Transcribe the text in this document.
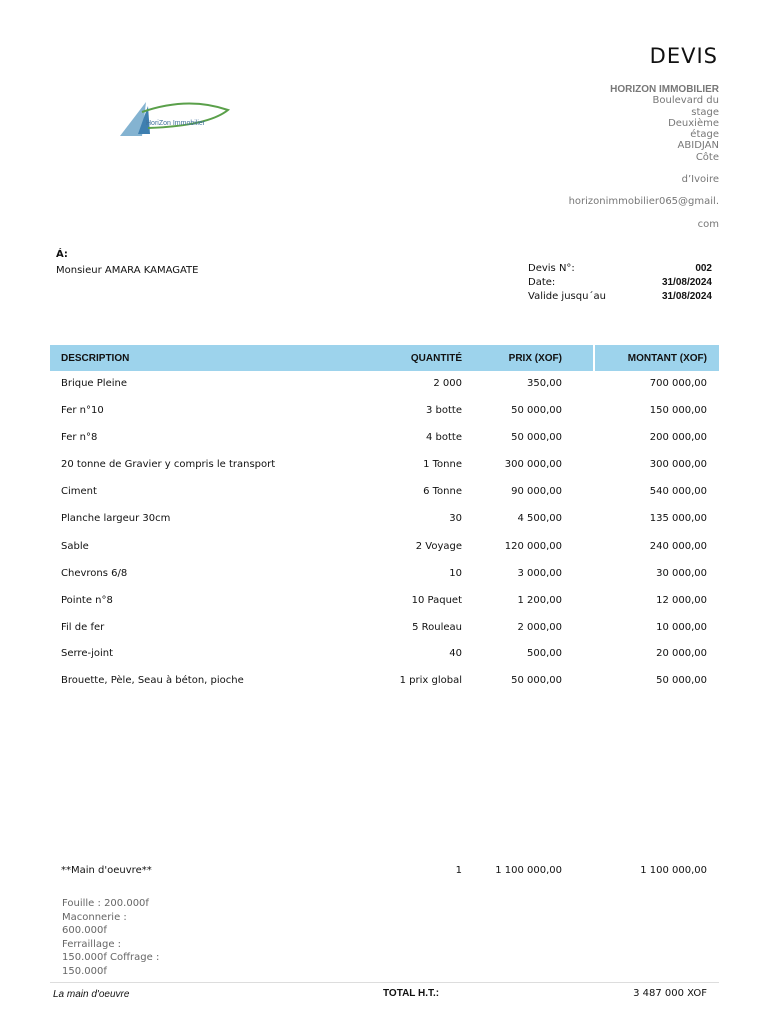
DEVIS
HORIZON IMMOBILIER
Boulevard du
stage
Deuxième
étage
ABIDJAN
Côte
d’Ivoire
horizonimmobilier065@gmail.
com
HoriZon Immobilier
Á:
Monsieur AMARA KAMAGATE	Devis N°:	002
Date:	31/08/2024
Valide jusqu´au	31/08/2024
DESCRIPTION	QUANTITÉ	PRIX (XOF)	MONTANT (XOF)
Brique Pleine	2 000	350,00	700 000,00
Fer n°10	3 botte	50 000,00	150 000,00
Fer n°8	4 botte	50 000,00	200 000,00
20 tonne de Gravier y compris le transport	1 Tonne	300 000,00	300 000,00
Ciment	6 Tonne	90 000,00	540 000,00
Planche largeur 30cm	30	4 500,00	135 000,00
Sable	2 Voyage	120 000,00	240 000,00
Chevrons 6/8	10	3 000,00	30 000,00
Pointe n°8	10 Paquet	1 200,00	12 000,00
Fil de fer	5 Rouleau	2 000,00	10 000,00
Serre-joint	40	500,00	20 000,00
Brouette, Pèle, Seau à béton, pioche	1 prix global	50 000,00	50 000,00
**Main d'oeuvre**	1	1 100 000,00	1 100 000,00
Fouille : 200.000f
Maconnerie :
600.000f
Ferraillage :
150.000f Coffrage :
150.000f
La main d'oeuvre	TOTAL H.T.:	3 487 000 XOF
